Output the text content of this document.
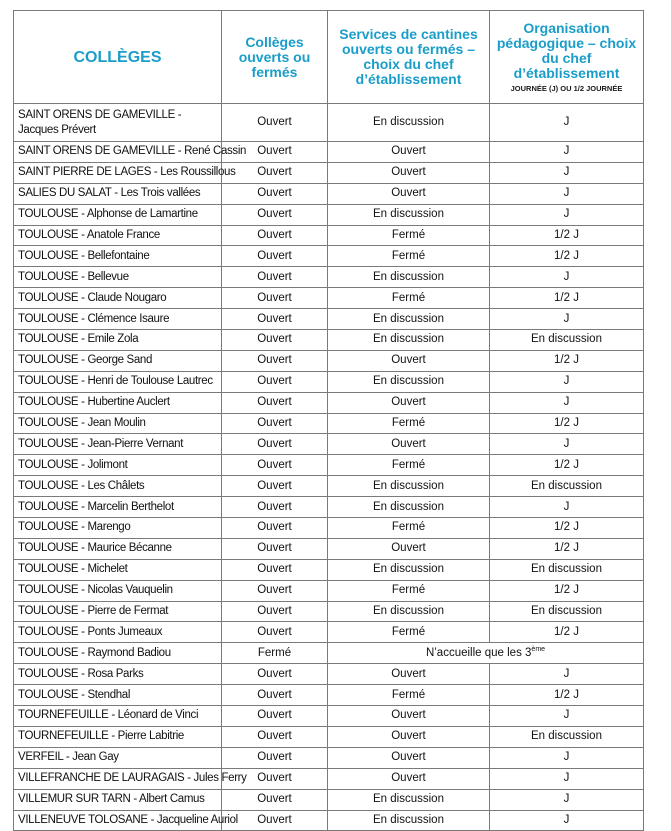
COLLÈGES	Collèges ouverts ou fermés	Services de cantines ouverts ou fermés – choix du chef d’établissement	Organisation pédagogique – choix du chef d’établissement
JOURNÉE (J) OU 1/2 JOURNÉE

SAINT ORENS DE GAMEVILLE -
Jacques Prévert	Ouvert	En discussion	J
SAINT ORENS DE GAMEVILLE - René Cassin	Ouvert	Ouvert	J
SAINT PIERRE DE LAGES - Les Roussillous	Ouvert	Ouvert	J
SALIES DU SALAT - Les Trois vallées	Ouvert	Ouvert	J
TOULOUSE - Alphonse de Lamartine	Ouvert	En discussion	J
TOULOUSE - Anatole France	Ouvert	Fermé	1/2 J
TOULOUSE - Bellefontaine	Ouvert	Fermé	1/2 J
TOULOUSE - Bellevue	Ouvert	En discussion	J
TOULOUSE - Claude Nougaro	Ouvert	Fermé	1/2 J
TOULOUSE - Clémence Isaure	Ouvert	En discussion	J
TOULOUSE - Emile Zola	Ouvert	En discussion	En discussion
TOULOUSE - George Sand	Ouvert	Ouvert	1/2 J
TOULOUSE - Henri de Toulouse Lautrec	Ouvert	En discussion	J
TOULOUSE - Hubertine Auclert	Ouvert	Ouvert	J
TOULOUSE - Jean Moulin	Ouvert	Fermé	1/2 J
TOULOUSE - Jean-Pierre Vernant	Ouvert	Ouvert	J
TOULOUSE - Jolimont	Ouvert	Fermé	1/2 J
TOULOUSE - Les Châlets	Ouvert	En discussion	En discussion
TOULOUSE - Marcelin Berthelot	Ouvert	En discussion	J
TOULOUSE - Marengo	Ouvert	Fermé	1/2 J
TOULOUSE - Maurice Bécanne	Ouvert	Ouvert	1/2 J
TOULOUSE - Michelet	Ouvert	En discussion	En discussion
TOULOUSE - Nicolas Vauquelin	Ouvert	Fermé	1/2 J
TOULOUSE - Pierre de Fermat	Ouvert	En discussion	En discussion
TOULOUSE - Ponts Jumeaux	Ouvert	Fermé	1/2 J
TOULOUSE - Raymond Badiou	Fermé	N’accueille que les 3ème
TOULOUSE - Rosa Parks	Ouvert	Ouvert	J
TOULOUSE - Stendhal	Ouvert	Fermé	1/2 J
TOURNEFEUILLE - Léonard de Vinci	Ouvert	Ouvert	J
TOURNEFEUILLE - Pierre Labitrie	Ouvert	Ouvert	En discussion
VERFEIL - Jean Gay	Ouvert	Ouvert	J
VILLEFRANCHE DE LAURAGAIS - Jules Ferry	Ouvert	Ouvert	J
VILLEMUR SUR TARN - Albert Camus	Ouvert	En discussion	J
VILLENEUVE TOLOSANE - Jacqueline Auriol	Ouvert	En discussion	J
